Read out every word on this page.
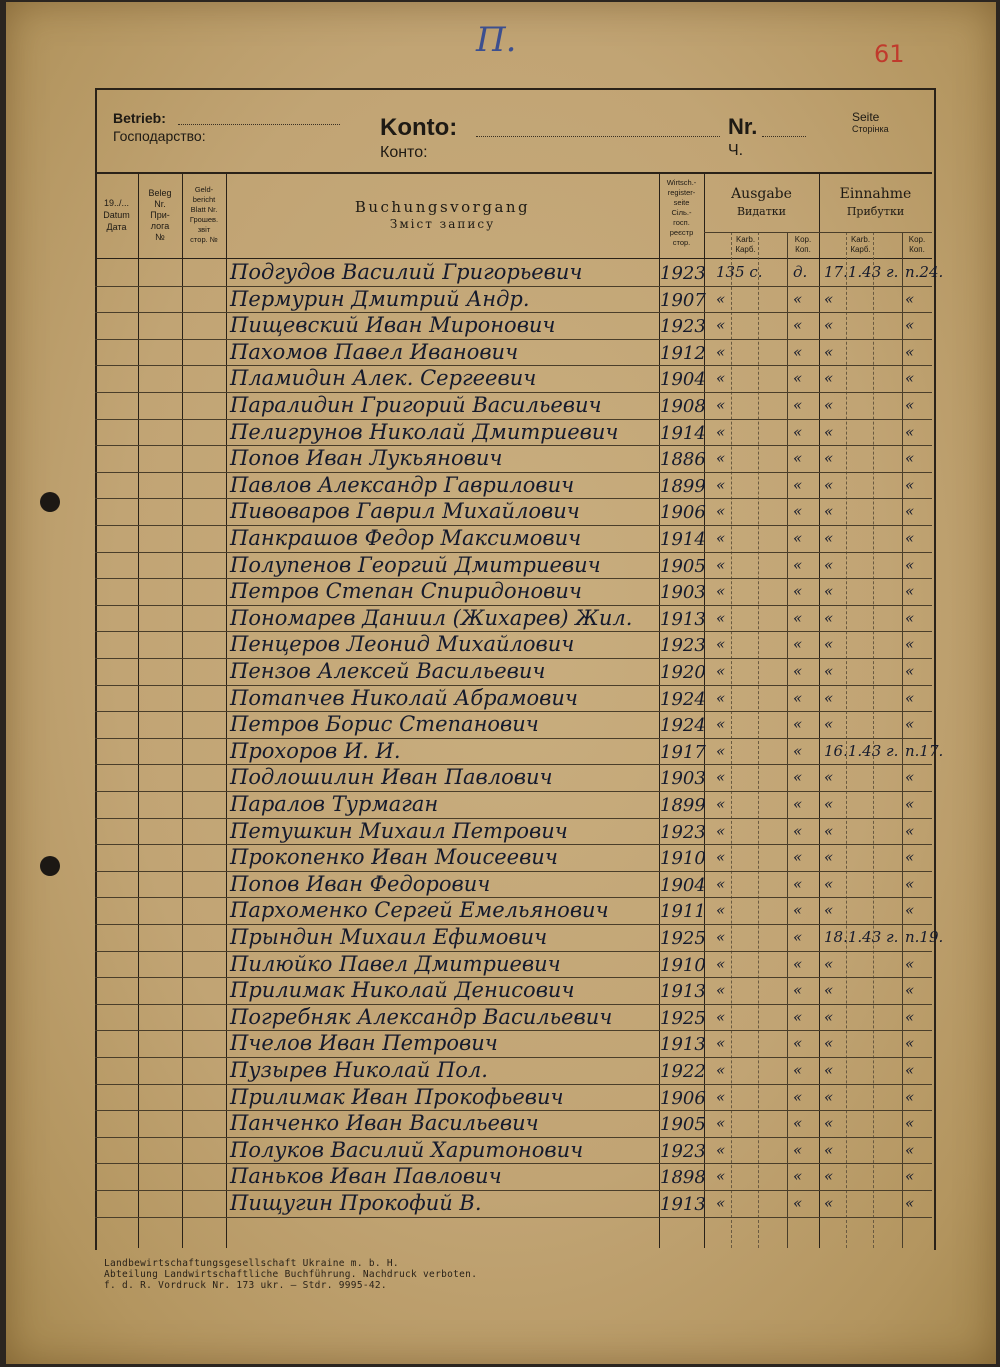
П.	61
Betrieb:
Господарство:	Konto:
Конто:
Nr.
Ч.
Seite
Сторінка
19../...
Datum
Дата
Beleg
Nr.
При-
лога
№
Geld-
bericht
Blatt Nr.
Грошев.
звіт
стор. №
Buchungsvorgang
Зміст запису
Wirtsch.-
register-
seite
Сіль.-
госп.
реєстр
стор.
Ausgabe
Видатки
Einnahme
Прибутки
Karb.
Карб.
Kop.
Коп.
Karb.
Карб.
Kop.
Коп.
Подгудов Василий Григорьевич	1923 135 с. д. 17.1.43 г. п.24.
Пермурин Дмитрий Андр.	1907 «	« «	«
Пищевский Иван Миронович	1923 «	« «	«
Пахомов Павел Иванович	1912 «	« «	«
Пламидин Алек. Сергеевич	1904 «	« «	«
Паралидин Григорий Васильевич	1908 «	« «	«
Пелигрунов Николай Дмитриевич 1914 «	« «	«
Попов Иван Лукьянович	1886 «	« «	«
Павлов Александр Гаврилович	1899 «	« «	«
Пивоваров Гаврил Михайлович	1906 «	« «	«
Панкрашов Федор Максимович	1914 «	« «	«
Полупенов Георгий Дмитриевич	1905 «	« «	«
Петров Степан Спиридонович	1903 «	« «	«
Пономарев Даниил (Жихарев) Жил. 1913 «	« «	«
Пенцеров Леонид Михайлович	1923 «	« «	«
Пензов Алексей Васильевич	1920 «	« «	«
Потапчев Николай Абрамович	1924 «	« «	«
Петров Борис Степанович	1924 «	« «	«
Прохоров И. И.	1917 «	« 16.1.43 г. п.17.
Подлошилин Иван Павлович	1903 «	« «	«
Паралов Турмаган	1899 «	« «	«
Петушкин Михаил Петрович	1923 «	« «	«
Прокопенко Иван Моисеевич	1910 «	« «	«
Попов Иван Федорович	1904 «	« «	«
Пархоменко Сергей Емельянович	1911 «	« «	«
Прындин Михаил Ефимович	1925 «	« 18.1.43 г. п.19.
Пилюйко Павел Дмитриевич	1910 «	« «	«
Прилимак Николай Денисович	1913 «	« «	«
Погребняк Александр Васильевич	1925 «	« «	«
Пчелов Иван Петрович	1913 «	« «	«
Пузырев Николай Пол.	1922 «	« «	«
Прилимак Иван Прокофьевич	1906 «	« «	«
Панченко Иван Васильевич	1905 «	« «	«
Полуков Василий Харитонович	1923 «	« «	«
Паньков Иван Павлович	1898 «	« «	«
Пищугин Прокофий В.	1913 «	« «	«
Landbewirtschaftungsgesellschaft Ukraine m. b. H.
Abteilung Landwirtschaftliche Buchführung. Nachdruck verboten.
f. d. R. Vordruck Nr. 173 ukr. — Stdr. 9995-42.
